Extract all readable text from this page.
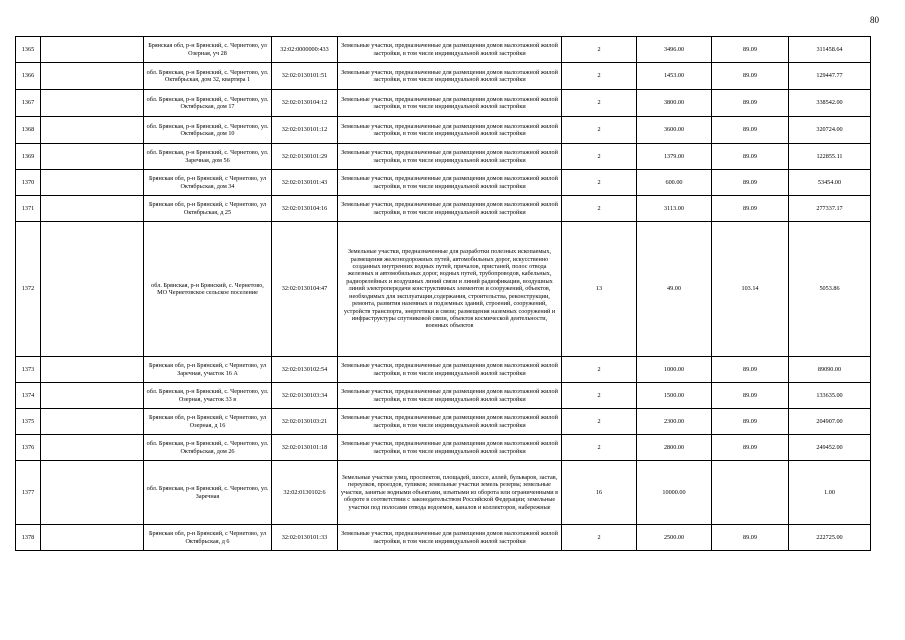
80
1365		Брянская обл, р-н Брянский, с. Чернетово, ул Озерная, уч 28	32:02:0000000:433	Земельные участки, предназначенные для размещения домов малоэтажной жилой застройки, в том числе индивидуальной жилой застройки	2	3496.00	89.09	311458.64
1366		обл. Брянская, р-н Брянский, с. Чернетово, ул. Октябрьская, дом 32, квартира 1	32:02:0130101:51	Земельные участки, предназначенные для размещения домов малоэтажной жилой застройки, в том числе индивидуальной жилой застройки	2	1453.00	89.09	129447.77
1367		обл. Брянская, р-н Брянский, с. Чернетово, ул. Октябрьская, дом 17	32:02:0130104:12	Земельные участки, предназначенные для размещения домов малоэтажной жилой застройки, в том числе индивидуальной жилой застройки	2	3800.00	89.09	338542.00
1368		обл. Брянская, р-н Брянский, с. Чернетово, ул. Октябрьская, дом 10	32:02:0130101:12	Земельные участки, предназначенные для размещения домов малоэтажной жилой застройки, в том числе индивидуальной жилой застройки	2	3600.00	89.09	320724.00
1369		обл. Брянская, р-н Брянский, с. Чернетово, ул. Заречная, дом 56	32:02:0130101:29	Земельные участки, предназначенные для размещения домов малоэтажной жилой застройки, в том числе индивидуальной жилой застройки	2	1379.00	89.09	122855.11
1370		Брянская обл, р-н Брянский, с Чернетово, ул Октябрьская, дом 34	32:02:0130101:43	Земельные участки, предназначенные для размещения домов малоэтажной жилой застройки, в том числе индивидуальной жилой застройки	2	600.00	89.09	53454.00
1371		Брянская обл, р-н Брянский, с Чернетово, ул Октябрьская, д 25	32:02:0130104:16	Земельные участки, предназначенные для размещения домов малоэтажной жилой застройки, в том числе индивидуальной жилой застройки	2	3113.00	89.09	277337.17
1372		обл. Брянская, р-н Брянский, с. Чернетово, МО Чернетовское сельское поселение	32:02:0130104:47	Земельные участки, предназначенные для разработки полезных ископаемых, размещения железнодорожных путей, автомобильных дорог, искусственно созданных внутренних водных путей, причалов, пристаней, полос отвода железных и автомобильных дорог, водных путей, трубопроводов, кабельных, радиорелейных и воздушных линий связи и линий радиофикации, воздушных линий электропередачи конструктивных элементов и сооружений, объектов, необходимых для эксплуатации,содержания, строительства, реконструкции, ремонта, развития наземных и подземных зданий, строений, сооружений, устройств транспорта, энергетики и связи; размещения наземных сооружений и инфраструктуры спутниковой связи, объектов космической деятельности, военных объектов	13	49.00	103.14	5053.86
1373		Брянская обл, р-н Брянский, с Чернетово, ул Заречная, участок 16 А	32:02:0130102:54	Земельные участки, предназначенные для размещения домов малоэтажной жилой застройки, в том числе индивидуальной жилой застройки	2	1000.00	89.09	89090.00
1374		обл. Брянская, р-н Брянский, с. Чернетово, ул. Озерная, участок 33 в	32:02:0130103:34	Земельные участки, предназначенные для размещения домов малоэтажной жилой застройки, в том числе индивидуальной жилой застройки	2	1500.00	89.09	133635.00
1375		Брянская обл, р-н Брянский, с Чернетово, ул Озерная, д 16	32:02:0130103:21	Земельные участки, предназначенные для размещения домов малоэтажной жилой застройки, в том числе индивидуальной жилой застройки	2	2300.00	89.09	204907.00
1376		обл. Брянская, р-н Брянский, с. Чернетово, ул. Октябрьская, дом 26	32:02:0130101:18	Земельные участки, предназначенные для размещения домов малоэтажной жилой застройки, в том числе индивидуальной жилой застройки	2	2800.00	89.09	249452.00
1377		обл. Брянская, р-н Брянский, с. Чернетово, ул. Заречная	32:02:0130102:6	Земельные участки улиц, проспектов, площадей, шоссе, аллей, бульваров, застав, переулков, проездов, тупиков; земельные участки земель резерва; земельные участки, занятые водными объектами, изъятыми из оборота или ограниченными в обороте в соответствии с законодательством Российской Федерации; земельные участки под полосами отвода водоемов, каналов и коллекторов, набережные	16	10000.00		1.00
1378		Брянская обл, р-н Брянский, с Чернетово, ул Октябрьская, д 6	32:02:0130101:33	Земельные участки, предназначенные для размещения домов малоэтажной жилой застройки, в том числе индивидуальной жилой застройки	2	2500.00	89.09	222725.00
